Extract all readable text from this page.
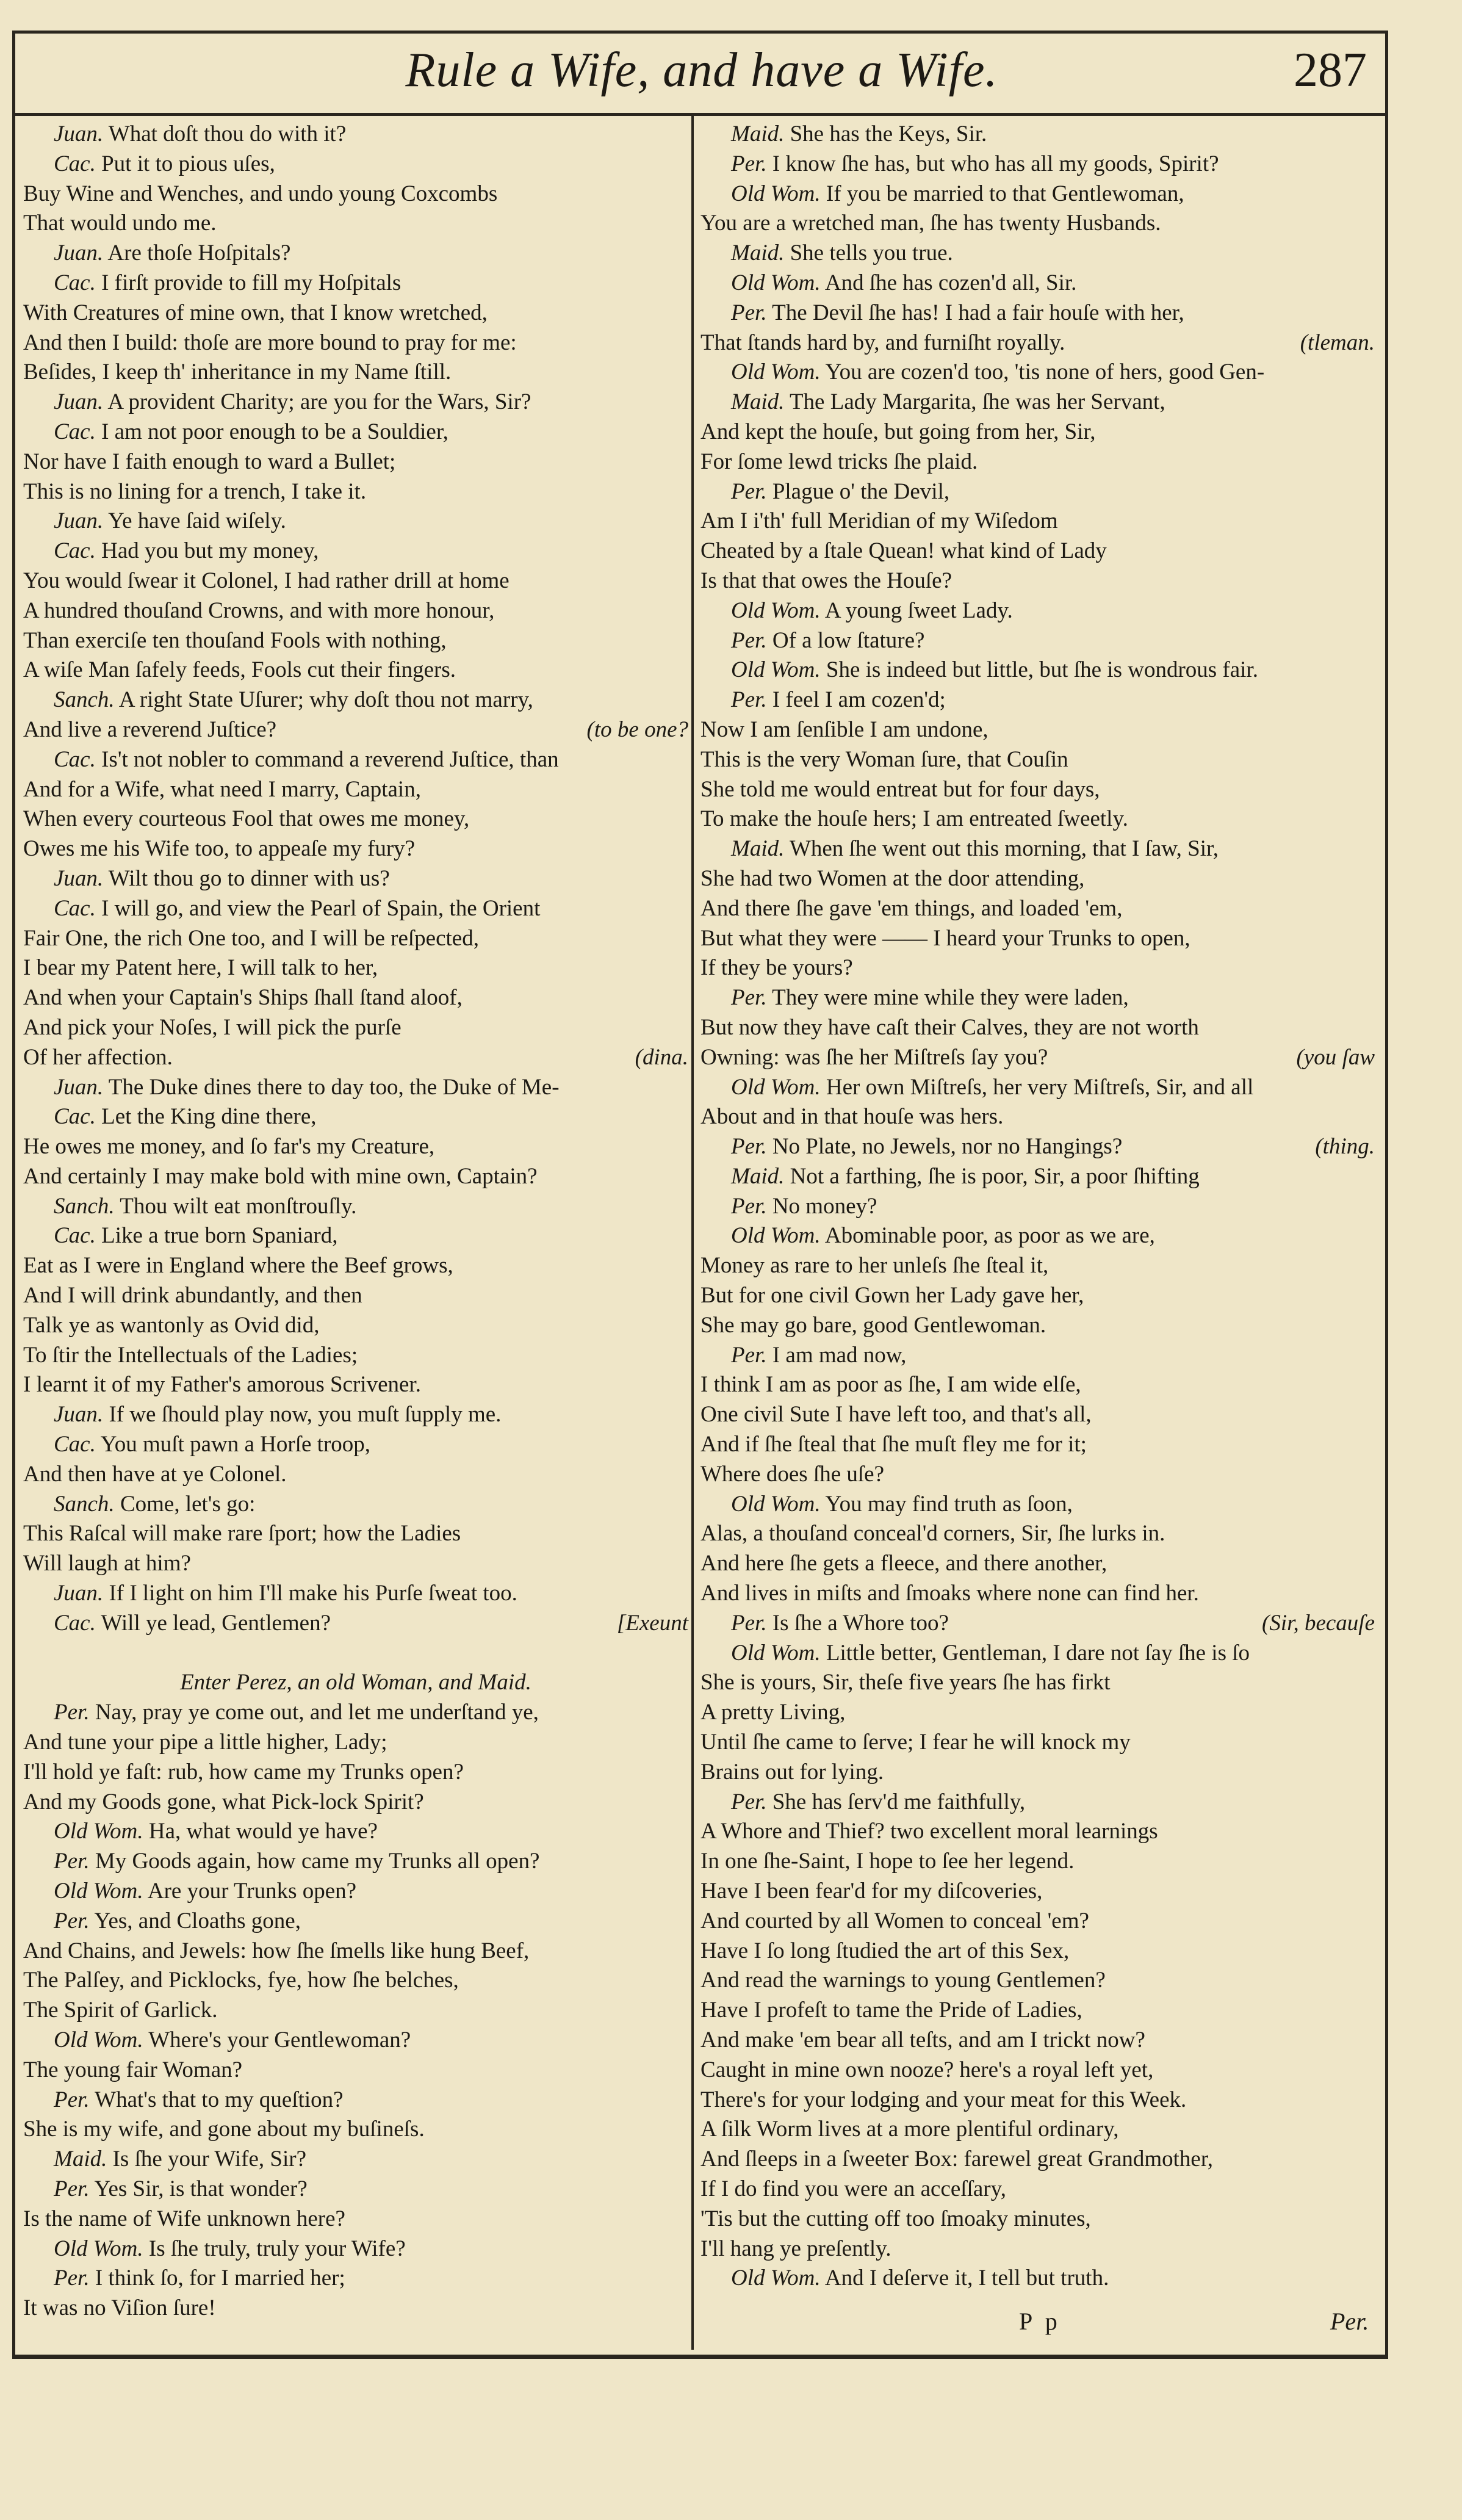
Rule a Wife, and have a Wife.	287
Juan. What doſt thou do with it?
Cac. Put it to pious uſes,
Buy Wine and Wenches, and undo young Coxcombs
That would undo me.
Juan. Are thoſe Hoſpitals?
Cac. I firſt provide to fill my Hoſpitals
With Creatures of mine own, that I know wretched,
And then I build: thoſe are more bound to pray for me:
Beſides, I keep th' inheritance in my Name ſtill.
Juan. A provident Charity; are you for the Wars, Sir?
Cac. I am not poor enough to be a Souldier,
Nor have I faith enough to ward a Bullet;
This is no lining for a trench, I take it.
Juan. Ye have ſaid wiſely.
Cac. Had you but my money,
You would ſwear it Colonel, I had rather drill at home
A hundred thouſand Crowns, and with more honour,
Than exerciſe ten thouſand Fools with nothing,
A wiſe Man ſafely feeds, Fools cut their fingers.
Sanch. A right State Uſurer; why doſt thou not marry,
(to be one?
And live a reverend Juſtice?
Cac. Is't not nobler to command a reverend Juſtice, than
And for a Wife, what need I marry, Captain,
When every courteous Fool that owes me money,
Owes me his Wife too, to appeaſe my fury?
Juan. Wilt thou go to dinner with us?
Cac. I will go, and view the Pearl of Spain, the Orient
Fair One, the rich One too, and I will be reſpected,
I bear my Patent here, I will talk to her,
And when your Captain's Ships ſhall ſtand aloof,
And pick your Noſes, I will pick the purſe
(dina.
Of her affection.
Juan. The Duke dines there to day too, the Duke of Me-
Cac. Let the King dine there,
He owes me money, and ſo far's my Creature,
And certainly I may make bold with mine own, Captain?
Sanch. Thou wilt eat monſtrouſly.
Cac. Like a true born Spaniard,
Eat as I were in England where the Beef grows,
And I will drink abundantly, and then
Talk ye as wantonly as Ovid did,
To ſtir the Intellectuals of the Ladies;
I learnt it of my Father's amorous Scrivener.
Juan. If we ſhould play now, you muſt ſupply me.
Cac. You muſt pawn a Horſe troop,
And then have at ye Colonel.
Sanch. Come, let's go:
This Raſcal will make rare ſport; how the Ladies
Will laugh at him?
Juan. If I light on him I'll make his Purſe ſweat too.
[Exeunt
Cac. Will ye lead, Gentlemen?
Enter Perez, an old Woman, and Maid.
Per. Nay, pray ye come out, and let me underſtand ye,
And tune your pipe a little higher, Lady;
I'll hold ye faſt: rub, how came my Trunks open?
And my Goods gone, what Pick-lock Spirit?
Old Wom. Ha, what would ye have?
Per. My Goods again, how came my Trunks all open?
Old Wom. Are your Trunks open?
Per. Yes, and Cloaths gone,
And Chains, and Jewels: how ſhe ſmells like hung Beef,
The Palſey, and Picklocks, fye, how ſhe belches,
The Spirit of Garlick.
Old Wom. Where's your Gentlewoman?
The young fair Woman?
Per. What's that to my queſtion?
She is my wife, and gone about my buſineſs.
Maid. Is ſhe your Wife, Sir?
Per. Yes Sir, is that wonder?
Is the name of Wife unknown here?
Old Wom. Is ſhe truly, truly your Wife?
Per. I think ſo, for I married her;
It was no Viſion ſure!
Maid. She has the Keys, Sir.
Per. I know ſhe has, but who has all my goods, Spirit?
Old Wom. If you be married to that Gentlewoman,
You are a wretched man, ſhe has twenty Husbands.
Maid. She tells you true.
Old Wom. And ſhe has cozen'd all, Sir.
Per. The Devil ſhe has! I had a fair houſe with her,
(tleman.
That ſtands hard by, and furniſht royally.
Old Wom. You are cozen'd too, 'tis none of hers, good Gen-
Maid. The Lady Margarita, ſhe was her Servant,
And kept the houſe, but going from her, Sir,
For ſome lewd tricks ſhe plaid.
Per. Plague o' the Devil,
Am I i'th' full Meridian of my Wiſedom
Cheated by a ſtale Quean! what kind of Lady
Is that that owes the Houſe?
Old Wom. A young ſweet Lady.
Per. Of a low ſtature?
Old Wom. She is indeed but little, but ſhe is wondrous fair.
Per. I feel I am cozen'd;
Now I am ſenſible I am undone,
This is the very Woman ſure, that Couſin
She told me would entreat but for four days,
To make the houſe hers; I am entreated ſweetly.
Maid. When ſhe went out this morning, that I ſaw, Sir,
She had two Women at the door attending,
And there ſhe gave 'em things, and loaded 'em,
But what they were —— I heard your Trunks to open,
If they be yours?
Per. They were mine while they were laden,
But now they have caſt their Calves, they are not worth
(you ſaw
Owning: was ſhe her Miſtreſs ſay you?
Old Wom. Her own Miſtreſs, her very Miſtreſs, Sir, and all
About and in that houſe was hers.
(thing.
Per. No Plate, no Jewels, nor no Hangings?
Maid. Not a farthing, ſhe is poor, Sir, a poor ſhifting
Per. No money?
Old Wom. Abominable poor, as poor as we are,
Money as rare to her unleſs ſhe ſteal it,
But for one civil Gown her Lady gave her,
She may go bare, good Gentlewoman.
Per. I am mad now,
I think I am as poor as ſhe, I am wide elſe,
One civil Sute I have left too, and that's all,
And if ſhe ſteal that ſhe muſt fley me for it;
Where does ſhe uſe?
Old Wom. You may find truth as ſoon,
Alas, a thouſand conceal'd corners, Sir, ſhe lurks in.
And here ſhe gets a fleece, and there another,
And lives in miſts and ſmoaks where none can find her.
(Sir, becauſe
Per. Is ſhe a Whore too?
Old Wom. Little better, Gentleman, I dare not ſay ſhe is ſo
She is yours, Sir, theſe five years ſhe has firkt
A pretty Living,
Until ſhe came to ſerve; I fear he will knock my
Brains out for lying.
Per. She has ſerv'd me faithfully,
A Whore and Thief? two excellent moral learnings
In one ſhe-Saint, I hope to ſee her legend.
Have I been fear'd for my diſcoveries,
And courted by all Women to conceal 'em?
Have I ſo long ſtudied the art of this Sex,
And read the warnings to young Gentlemen?
Have I profeſt to tame the Pride of Ladies,
And make 'em bear all teſts, and am I trickt now?
Caught in mine own nooze? here's a royal left yet,
There's for your lodging and your meat for this Week.
A ſilk Worm lives at a more plentiful ordinary,
And ſleeps in a ſweeter Box: farewel great Grandmother,
If I do find you were an acceſſary,
'Tis but the cutting off too ſmoaky minutes,
I'll hang ye preſently.
Old Wom. And I deſerve it, I tell but truth.
P p	Per.
